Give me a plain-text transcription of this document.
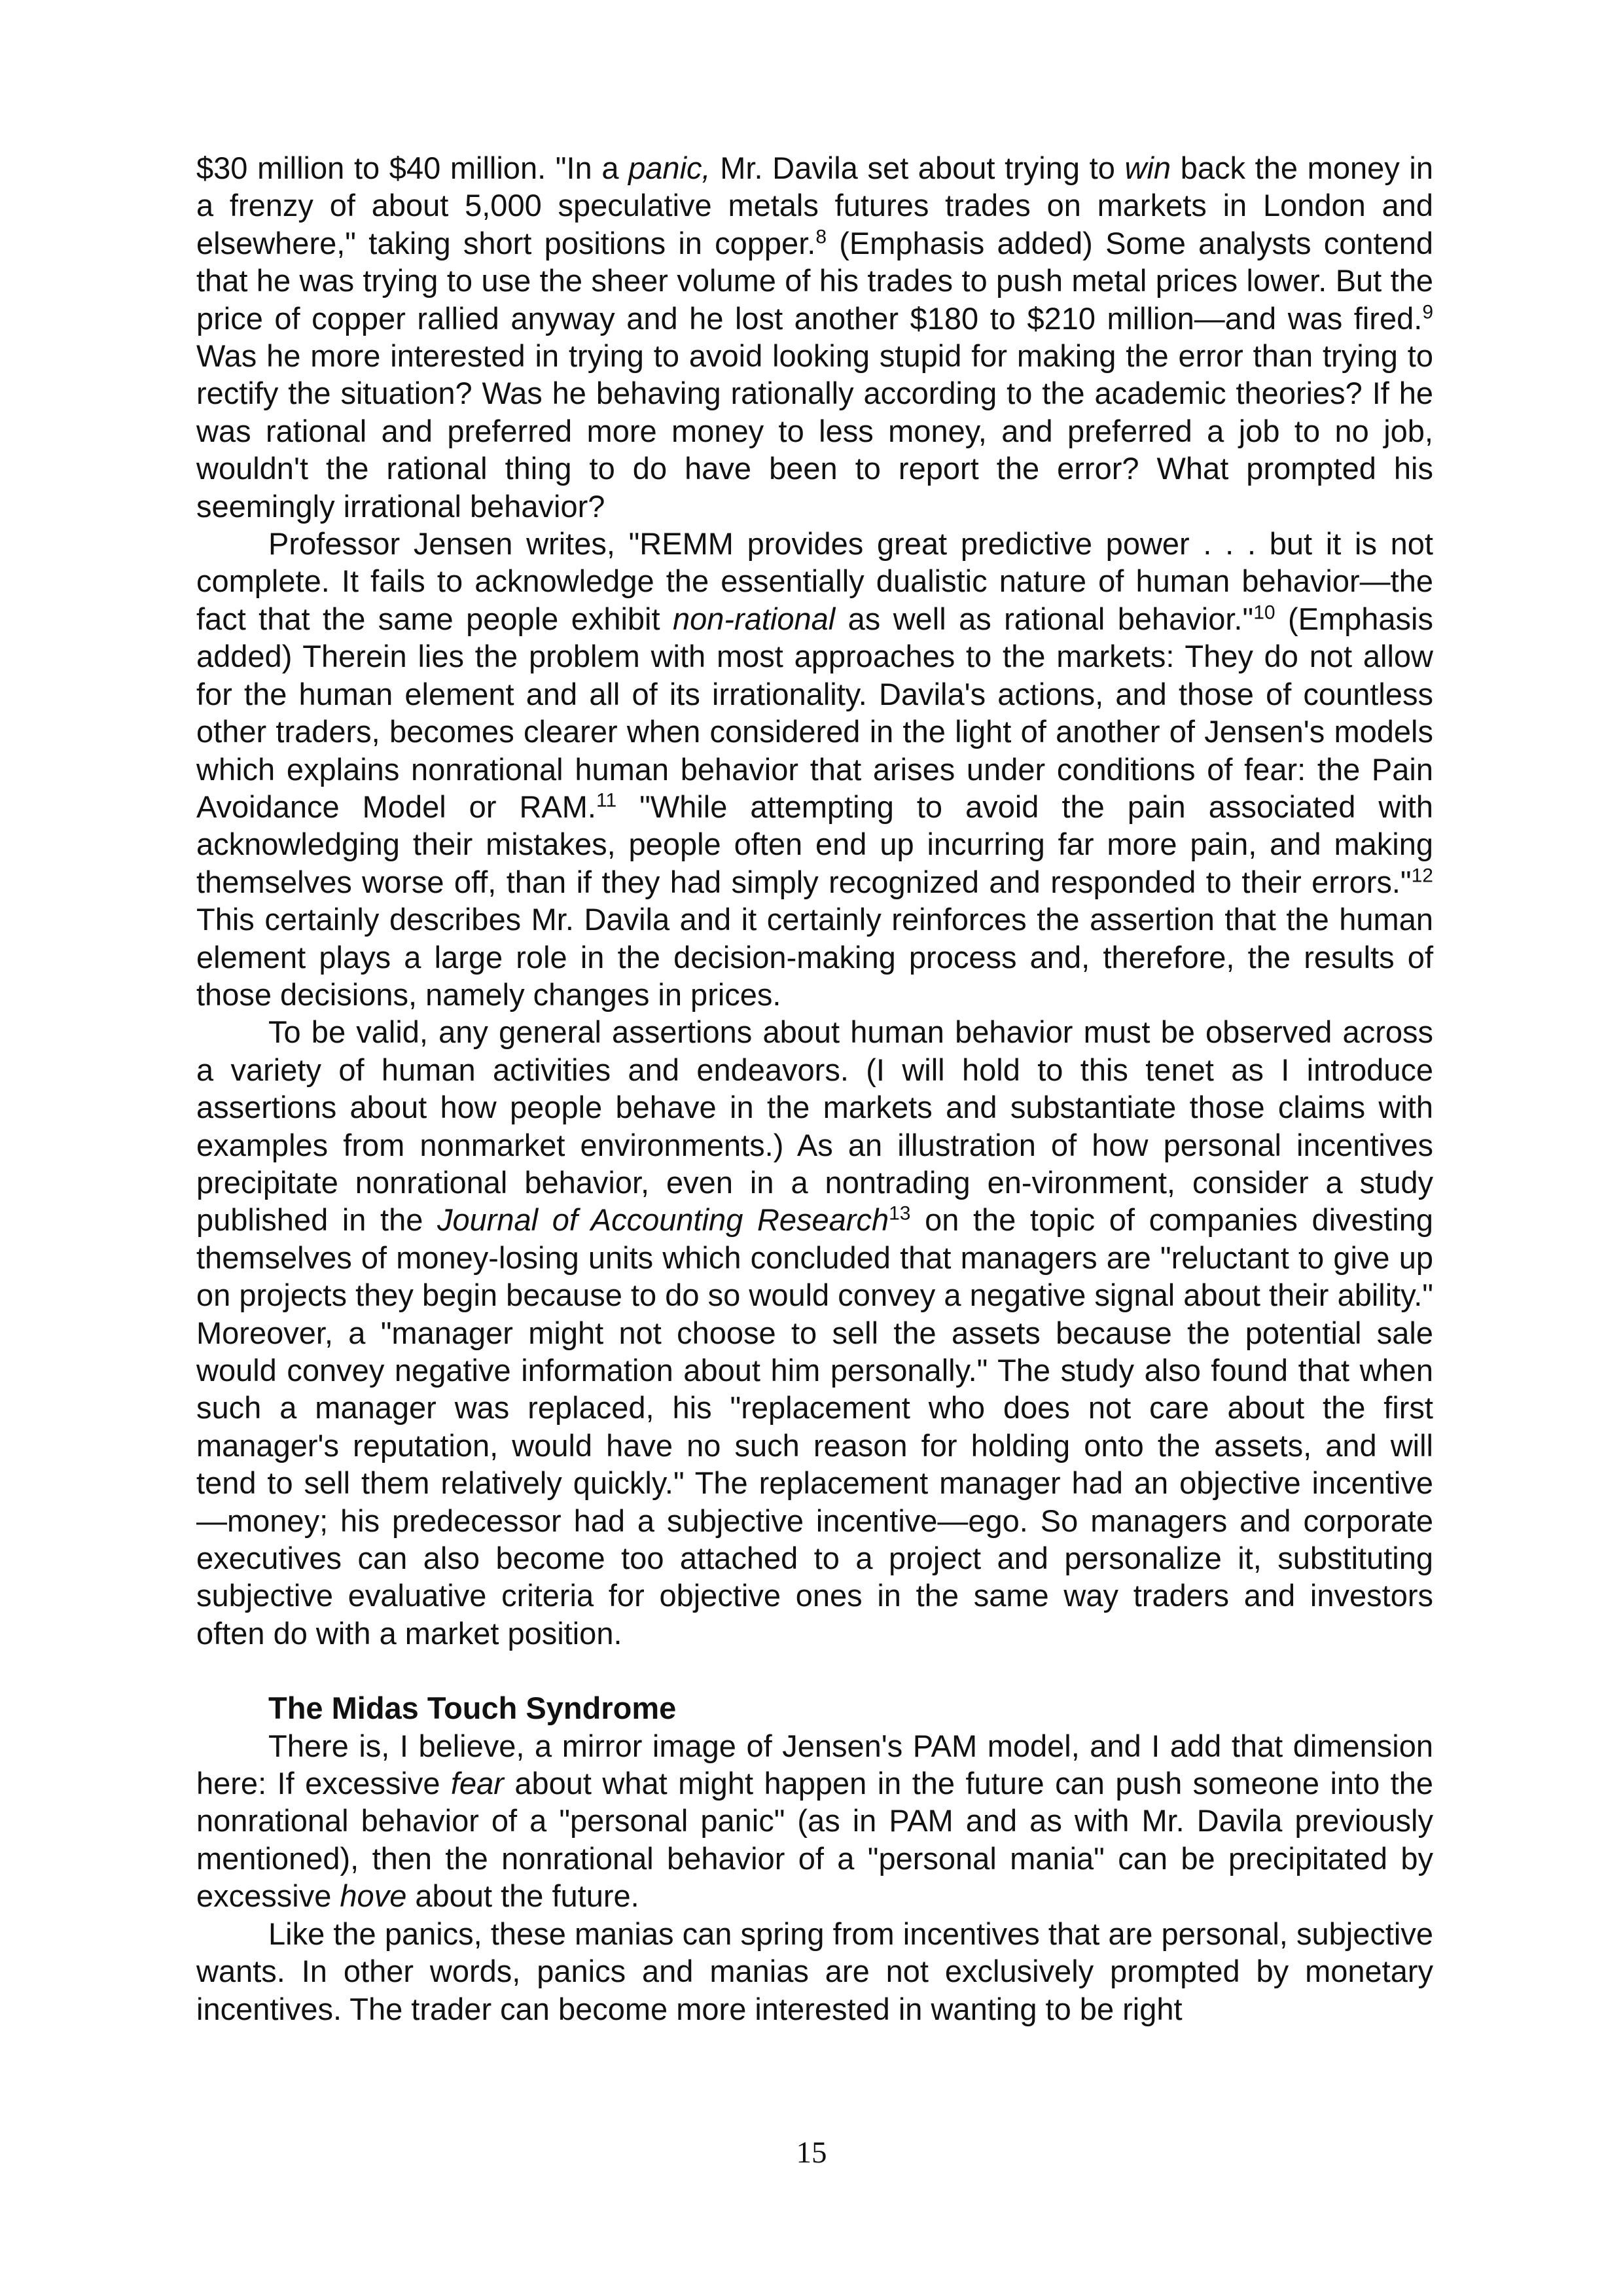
$30 million to $40 million. "In a panic, Mr. Davila set about trying to win back the money in a frenzy of about 5,000 speculative metals futures trades on markets in London and elsewhere," taking short positions in copper.$^8$ (Emphasis added) Some analysts contend that he was trying to use the sheer volume of his trades to push metal prices lower. But the price of copper rallied anyway and he lost another $180 to $210 million—and was fired.$^9$ Was he more interested in trying to avoid looking stupid for making the error than trying to rectify the situation? Was he behaving rationally according to the academic theories? If he was rational and preferred more money to less money, and preferred a job to no job, wouldn't the rational thing to do have been to report the error? What prompted his seemingly irrational behavior?

Professor Jensen writes, "REMM provides great predictive power . . . but it is not complete. It fails to acknowledge the essentially dualistic nature of human behavior—the fact that the same people exhibit non-rational as well as rational behavior."$^{10}$ (Emphasis added) Therein lies the problem with most approaches to the markets: They do not allow for the human element and all of its irrationality. Davila's actions, and those of countless other traders, becomes clearer when considered in the light of another of Jensen's models which explains nonrational human behavior that arises under conditions of fear: the Pain Avoidance Model or RAM.$^{11}$ "While attempting to avoid the pain associated with acknowledging their mistakes, people often end up incurring far more pain, and making themselves worse off, than if they had simply recognized and responded to their errors."$^{12}$ This certainly describes Mr. Davila and it certainly reinforces the assertion that the human element plays a large role in the decision-making process and, therefore, the results of those decisions, namely changes in prices.

To be valid, any general assertions about human behavior must be observed across a variety of human activities and endeavors. (I will hold to this tenet as I introduce assertions about how people behave in the markets and substantiate those claims with examples from nonmarket environments.) As an illustration of how personal incentives precipitate nonrational behavior, even in a nontrading en-vironment, consider a study published in the Journal of Accounting Research$^{13}$ on the topic of companies divesting themselves of money-losing units which concluded that managers are "reluctant to give up on projects they begin because to do so would convey a negative signal about their ability." Moreover, a "manager might not choose to sell the assets because the potential sale would convey negative information about him personally." The study also found that when such a manager was replaced, his "replacement who does not care about the first manager's reputation, would have no such reason for holding onto the assets, and will tend to sell them relatively quickly." The replacement manager had an objective incentive—money; his predecessor had a subjective incentive—ego. So managers and corporate executives can also become too attached to a project and personalize it, substituting subjective evaluative criteria for objective ones in the same way traders and investors often do with a market position.

The Midas Touch Syndrome

There is, I believe, a mirror image of Jensen's PAM model, and I add that dimension here: If excessive fear about what might happen in the future can push someone into the nonrational behavior of a "personal panic" (as in PAM and as with Mr. Davila previously mentioned), then the nonrational behavior of a "personal mania" can be precipitated by excessive hove about the future.

Like the panics, these manias can spring from incentives that are personal, subjective wants. In other words, panics and manias are not exclusively prompted by monetary incentives. The trader can become more interested in wanting to be right

15
